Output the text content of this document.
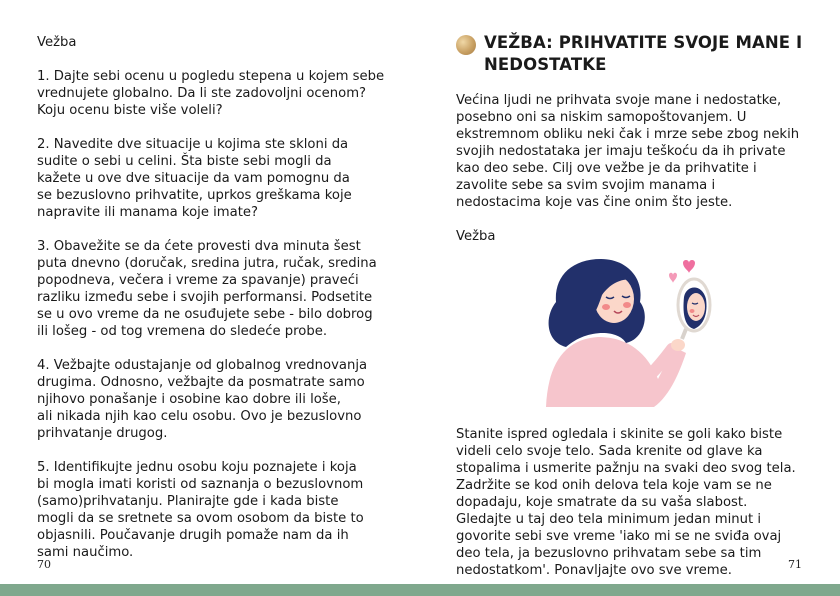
Vežba

1. Dajte sebi ocenu u pogledu stepena u kojem sebe
vrednujete globalno. Da li ste zadovoljni ocenom?
Koju ocenu biste više voleli?

2. Navedite dve situacije u kojima ste skloni da
sudite o sebi u celini. Šta biste sebi mogli da
kažete u ove dve situacije da vam pomognu da
se bezuslovno prihvatite, uprkos greškama koje
napravite ili manama koje imate?

3. Obavežite se da ćete provesti dva minuta šest
puta dnevno (doručak, sredina jutra, ručak, sredina
popodneva, večera i vreme za spavanje) praveći
razliku između sebe i svojih performansi. Podsetite
se u ovo vreme da ne osuđujete sebe - bilo dobrog
ili lošeg - od tog vremena do sledeće probe.

4. Vežbajte odustajanje od globalnog vrednovanja
drugima. Odnosno, vežbajte da posmatrate samo
njihovo ponašanje i osobine kao dobre ili loše,
ali nikada njih kao celu osobu. Ovo je bezuslovno
prihvatanje drugog.

5. Identifikujte jednu osobu koju poznajete i koja
bi mogla imati koristi od saznanja o bezuslovnom
(samo)prihvatanju. Planirajte gde i kada biste
mogli da se sretnete sa ovom osobom da biste to
objasnili. Poučavanje drugih pomaže nam da ih
sami naučimo.

70

VEŽBA: PRIHVATITE SVOJE MANE I
NEDOSTATKE

Većina ljudi ne prihvata svoje mane i nedostatke,
posebno oni sa niskim samopoštovanjem. U
ekstremnom obliku neki čak i mrze sebe zbog nekih
svojih nedostataka jer imaju teškoću da ih private
kao deo sebe. Cilj ove vežbe je da prihvatite i
zavolite sebe sa svim svojim manama i
nedostacima koje vas čine onim što jeste.

Vežba

Stanite ispred ogledala i skinite se goli kako biste
videli celo svoje telo. Sada krenite od glave ka
stopalima i usmerite pažnju na svaki deo svog tela.
Zadržite se kod onih delova tela koje vam se ne
dopadaju, koje smatrate da su vaša slabost.
Gledajte u taj deo tela minimum jedan minut i
govorite sebi sve vreme 'iako mi se ne sviđa ovaj
deo tela, ja bezuslovno prihvatam sebe sa tim
nedostatkom'. Ponavljajte ovo sve vreme.	71
